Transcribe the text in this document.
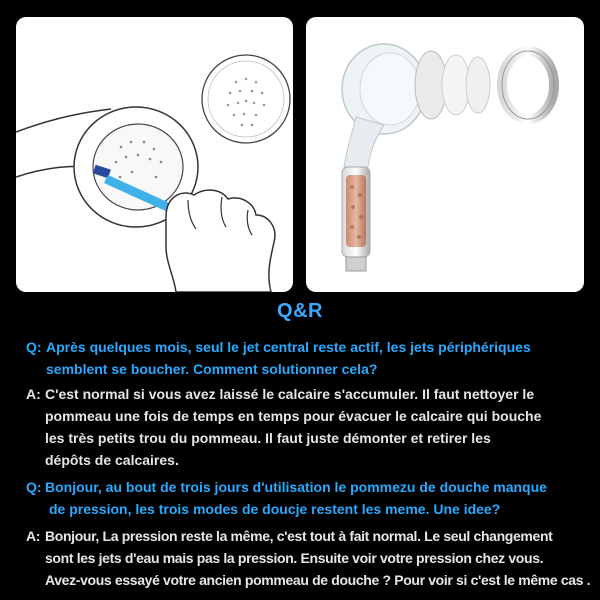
Q&R
Q: Après quelques mois, seul le jet central reste actif, les jets périphériques
semblent se boucher. Comment solutionner cela?
A: C'est normal si vous avez laissé le calcaire s'accumuler. Il faut nettoyer le
pommeau une fois de temps en temps pour évacuer le calcaire qui bouche
les très petits trou du pommeau. Il faut juste démonter et retirer les
dépôts de calcaires.
Q: Bonjour, au bout de trois jours d'utilisation le pommezu de douche manque
de pression, les trois modes de doucje restent les meme. Une idee?
A: Bonjour, La pression reste la même, c'est tout à fait normal. Le seul changement
sont les jets d'eau mais pas la pression. Ensuite voir votre pression chez vous.
Avez-vous essayé votre ancien pommeau de douche ? Pour voir si c'est le même cas .
